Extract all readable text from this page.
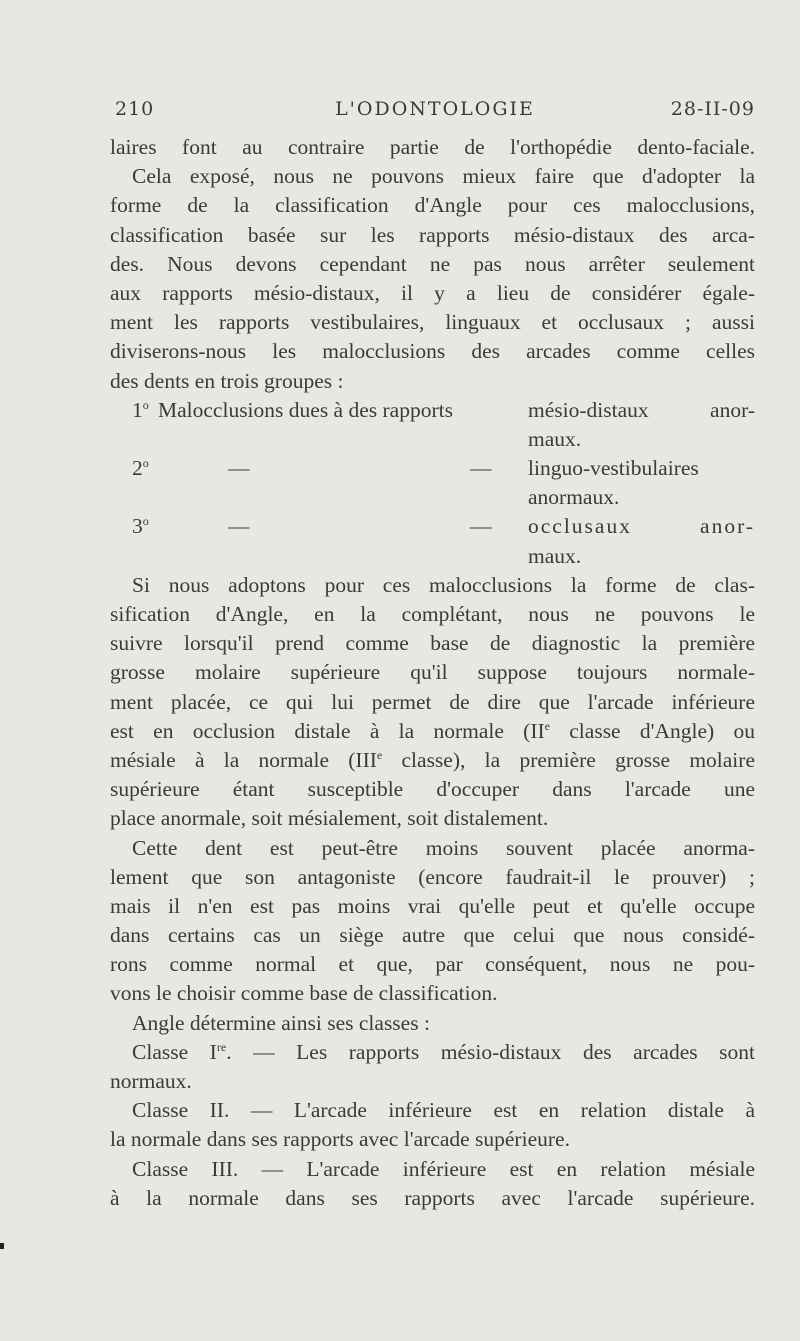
L'ODONTOLOGIE
210	28-II-09
laires font au contraire partie de l'orthopédie dento-faciale.
Cela exposé, nous ne pouvons mieux faire que d'adopter la
forme de la classification d'Angle pour ces malocclusions,
classification basée sur les rapports mésio-distaux des arca-
des. Nous devons cependant ne pas nous arrêter seulement
aux rapports mésio-distaux, il y a lieu de considérer égale-
ment les rapports vestibulaires, linguaux et occlusaux ; aussi
diviserons-nous les malocclusions des arcades comme celles
des dents en trois groupes :
1$^o$ Malocclusions dues à des rapports	mésio-distaux anor-
maux.
2$^o$	—	— linguo-vestibulaires
anormaux.
3$^o$	—	— occlusaux anor-
maux.
Si nous adoptons pour ces malocclusions la forme de clas-
sification d'Angle, en la complétant, nous ne pouvons le
suivre lorsqu'il prend comme base de diagnostic la première
grosse molaire supérieure qu'il suppose toujours normale-
ment placée, ce qui lui permet de dire que l'arcade inférieure
est en occlusion distale à la normale (IIe classe d'Angle) ou
mésiale à la normale (IIIe classe), la première grosse molaire
supérieure étant susceptible d'occuper dans l'arcade une
place anormale, soit mésialement, soit distalement.
Cette dent est peut-être moins souvent placée anorma-
lement que son antagoniste (encore faudrait-il le prouver) ;
mais il n'en est pas moins vrai qu'elle peut et qu'elle occupe
dans certains cas un siège autre que celui que nous considé-
rons comme normal et que, par conséquent, nous ne pou-
vons le choisir comme base de classification.
Angle détermine ainsi ses classes :
Classe Ire. — Les rapports mésio-distaux des arcades sont
normaux.
Classe II. — L'arcade inférieure est en relation distale à
la normale dans ses rapports avec l'arcade supérieure.
Classe III. — L'arcade inférieure est en relation mésiale
à la normale dans ses rapports avec l'arcade supérieure.
